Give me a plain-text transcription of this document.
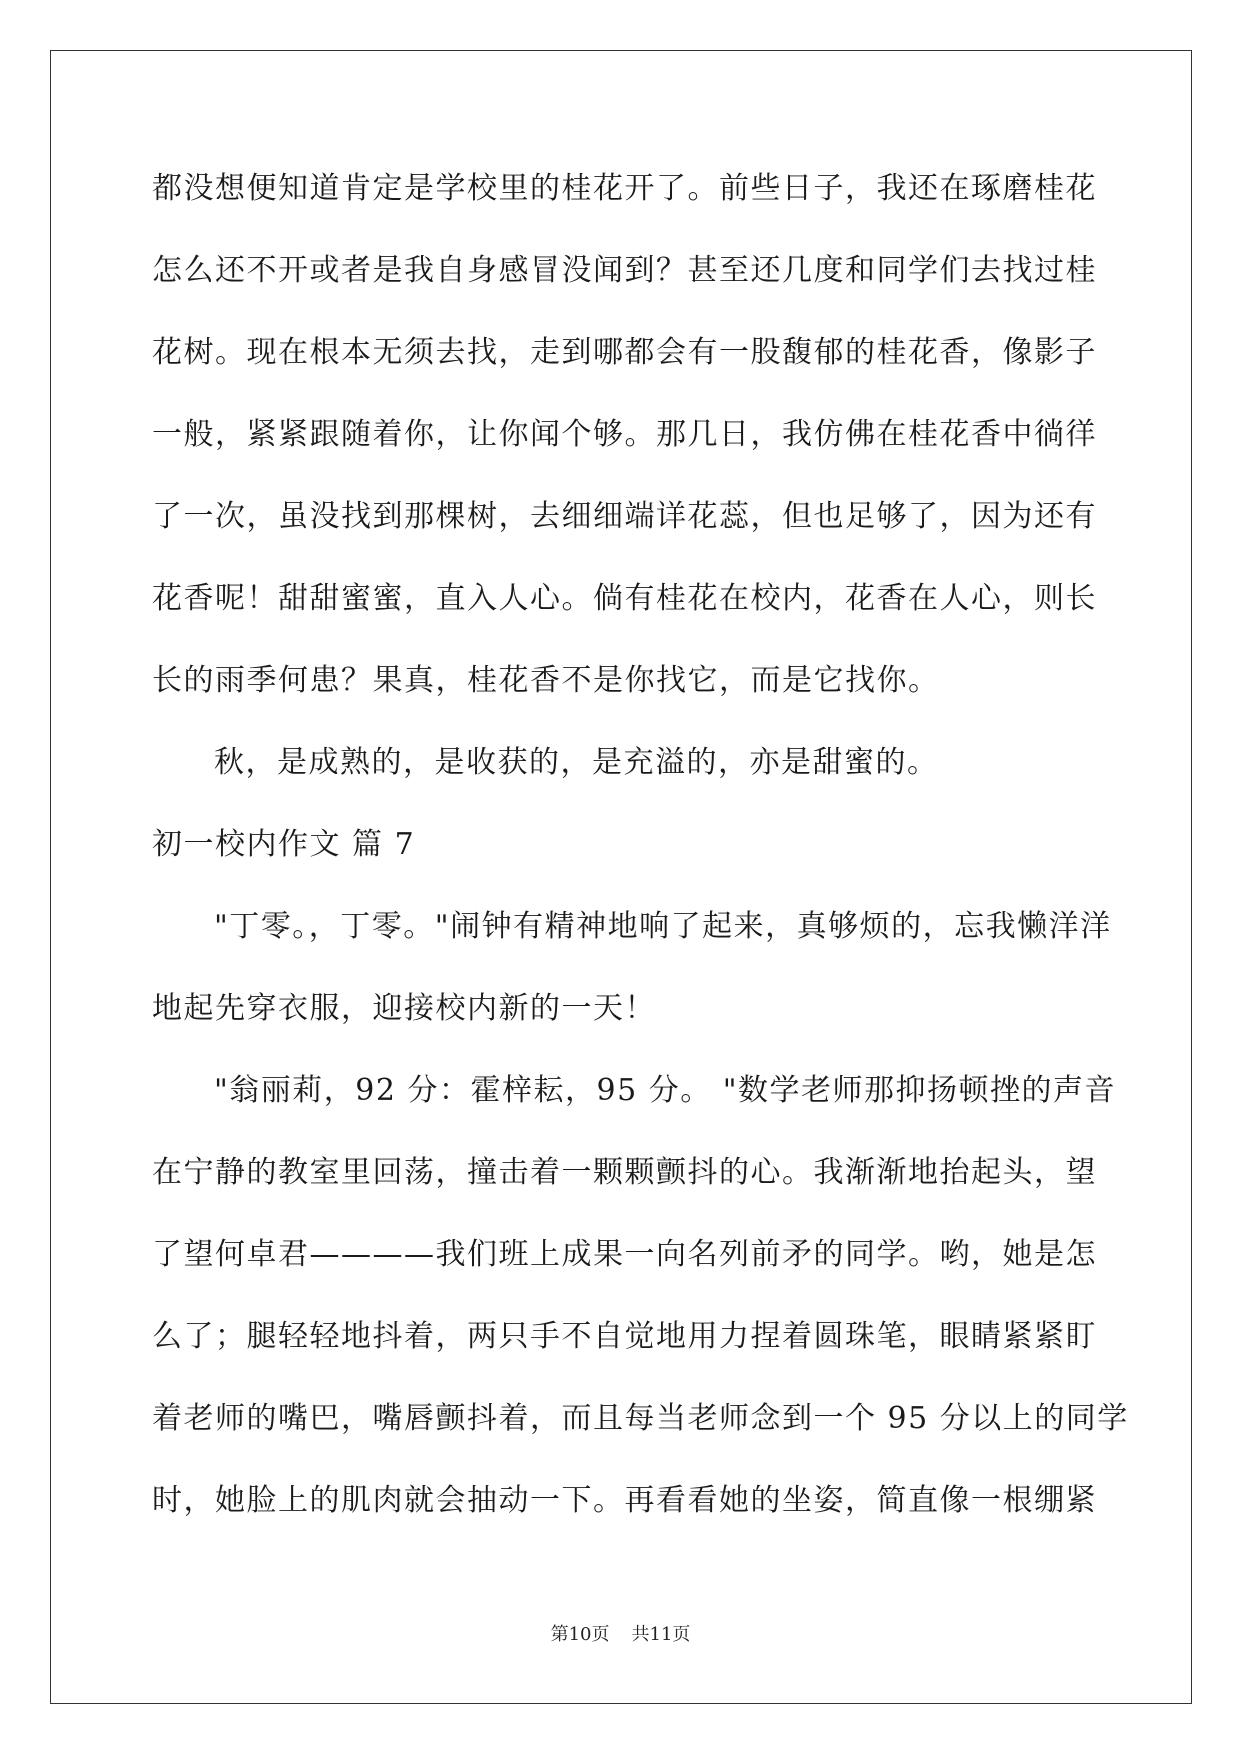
都没想便知道肯定是学校里的桂花开了。前些日子，我还在琢磨桂花
怎么还不开或者是我自身感冒没闻到？甚至还几度和同学们去找过桂
花树。现在根本无须去找，走到哪都会有一股馥郁的桂花香，像影子
一般，紧紧跟随着你，让你闻个够。那几日，我仿佛在桂花香中徜徉
了一次，虽没找到那棵树，去细细端详花蕊，但也足够了，因为还有
花香呢！甜甜蜜蜜，直入人心。倘有桂花在校内，花香在人心，则长
长的雨季何患？果真，桂花香不是你找它，而是它找你。
秋，是成熟的，是收获的，是充溢的，亦是甜蜜的。
初一校内作文 篇 7
"丁零。，丁零。"闹钟有精神地响了起来，真够烦的，忘我懒洋洋
地起先穿衣服，迎接校内新的一天！
"翁丽莉，92 分：霍梓耘，95 分。 "数学老师那抑扬顿挫的声音
在宁静的教室里回荡，撞击着一颗颗颤抖的心。我渐渐地抬起头，望
了望何卓君————我们班上成果一向名列前矛的同学。哟，她是怎
么了；腿轻轻地抖着，两只手不自觉地用力捏着圆珠笔，眼睛紧紧盯
着老师的嘴巴，嘴唇颤抖着，而且每当老师念到一个 95 分以上的同学
时，她脸上的肌肉就会抽动一下。再看看她的坐姿，简直像一根绷紧
第10页 共11页
